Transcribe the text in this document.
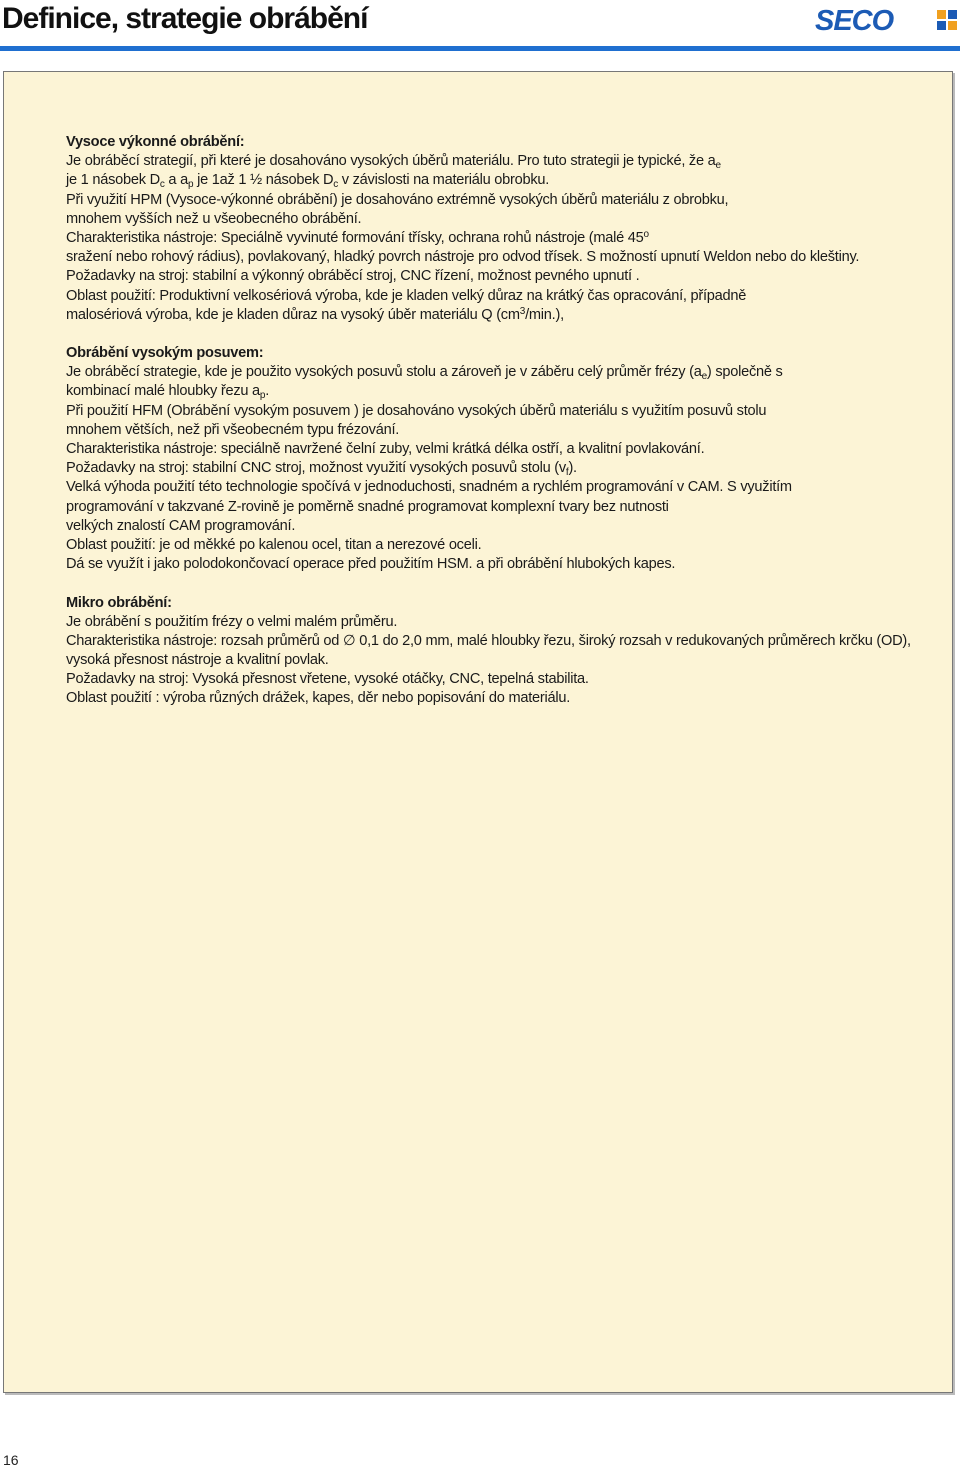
Definice, strategie obrábění	SECO
Vysoce výkonné obrábění:
Je obráběcí strategií, při které je dosahováno vysokých úběrů materiálu. Pro tuto strategii je typické, že $a_e$
je 1 násobek $D_c$ a $a_p$ je 1až 1 ½ násobek $D_c$ v závislosti na materiálu obrobku.
Při využití HPM (Vysoce-výkonné obrábění) je dosahováno extrémně vysokých úběrů materiálu z obrobku,
mnohem vyšších než u všeobecného obrábění.
Charakteristika nástroje: Speciálně vyvinuté formování třísky, ochrana rohů nástroje (malé 45$^o$
sražení nebo rohový rádius), povlakovaný, hladký povrch nástroje pro odvod třísek. S možností upnutí Weldon nebo do kleštiny.
Požadavky na stroj: stabilní a výkonný obráběcí stroj, CNC řízení, možnost pevného upnutí .
Oblast použití: Produktivní velkosériová výroba, kde je kladen velký důraz na krátký čas opracování, případně
malosériová výroba, kde je kladen důraz na vysoký úběr materiálu Q $(cm^3/\min.)$,
Obrábění vysokým posuvem:
Je obráběcí strategie, kde je použito vysokých posuvů stolu a zároveň je v záběru celý průměr frézy $(a_e)$ společně s
kombinací malé hloubky řezu $a_p$.
Při použití HFM (Obrábění vysokým posuvem ) je dosahováno vysokých úběrů materiálu s využitím posuvů stolu
mnohem větších, než při všeobecném typu frézování.
Charakteristika nástroje: speciálně navržené čelní zuby, velmi krátká délka ostří, a kvalitní povlakování.
Požadavky na stroj: stabilní CNC stroj, možnost využití vysokých posuvů stolu $(v_f)$.
Velká výhoda použití této technologie spočívá v jednoduchosti, snadném a rychlém programování v CAM. S využitím
programování v takzvané Z-rovině je poměrně snadné programovat komplexní tvary bez nutnosti
velkých znalostí CAM programování.
Oblast použití: je od měkké po kalenou ocel, titan a nerezové oceli.
Dá se využít i jako polodokončovací operace před použitím HSM. a při obrábění hlubokých kapes.
Mikro obrábění:
Je obrábění s použitím frézy o velmi malém průměru.
Charakteristika nástroje: rozsah průměrů od ∅ 0,1 do 2,0 mm, malé hloubky řezu, široký rozsah v redukovaných průměrech krčku (OD),
vysoká přesnost nástroje a kvalitní povlak.
Požadavky na stroj: Vysoká přesnost vřetene, vysoké otáčky, CNC, tepelná stabilita.
Oblast použití : výroba různých drážek, kapes, děr nebo popisování do materiálu.
16
